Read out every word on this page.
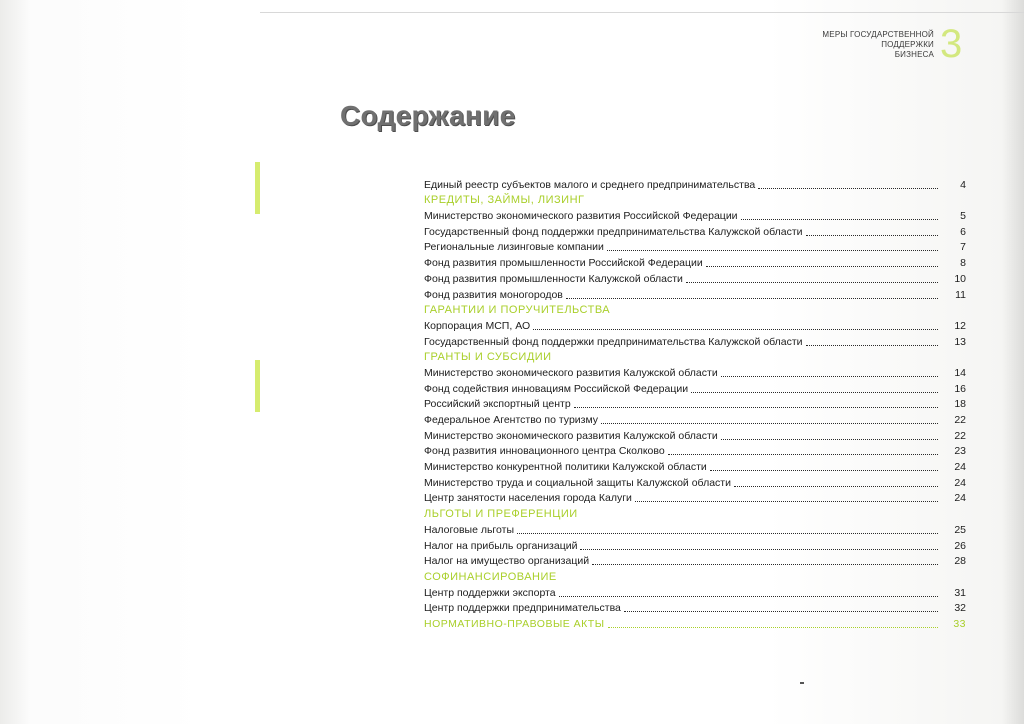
МЕРЫ ГОСУДАРСТВЕННОЙ
ПОДДЕРЖКИ
БИЗНЕСА 3
Содержание
Единый реестр субъектов малого и среднего предпринимательства	4
КРЕДИТЫ, ЗАЙМЫ, ЛИЗИНГ
Министерство экономического развития Российской Федерации	5
Государственный фонд поддержки предпринимательства Калужской области	6
Региональные лизинговые компании	7
Фонд развития промышленности Российской Федерации	8
Фонд развития промышленности Калужской области	10
Фонд развития моногородов	11
ГАРАНТИИ И ПОРУЧИТЕЛЬСТВА
Корпорация МСП, АО	12
Государственный фонд поддержки предпринимательства Калужской области	13
ГРАНТЫ И СУБСИДИИ
Министерство экономического развития Калужской области	14
Фонд содействия инновациям Российской Федерации	16
Российский экспортный центр	18
Федеральное Агентство по туризму	22
Министерство экономического развития Калужской области	22
Фонд развития инновационного центра Сколково	23
Министерство конкурентной политики Калужской области	24
Министерство труда и социальной защиты Калужской области	24
Центр занятости населения города Калуги	24
ЛЬГОТЫ И ПРЕФЕРЕНЦИИ
Налоговые льготы	25
Налог на прибыль организаций	26
Налог на имущество организаций	28
СОФИНАНСИРОВАНИЕ
Центр поддержки экспорта	31
Центр поддержки предпринимательства	32
НОРМАТИВНО-ПРАВОВЫЕ АКТЫ	33
